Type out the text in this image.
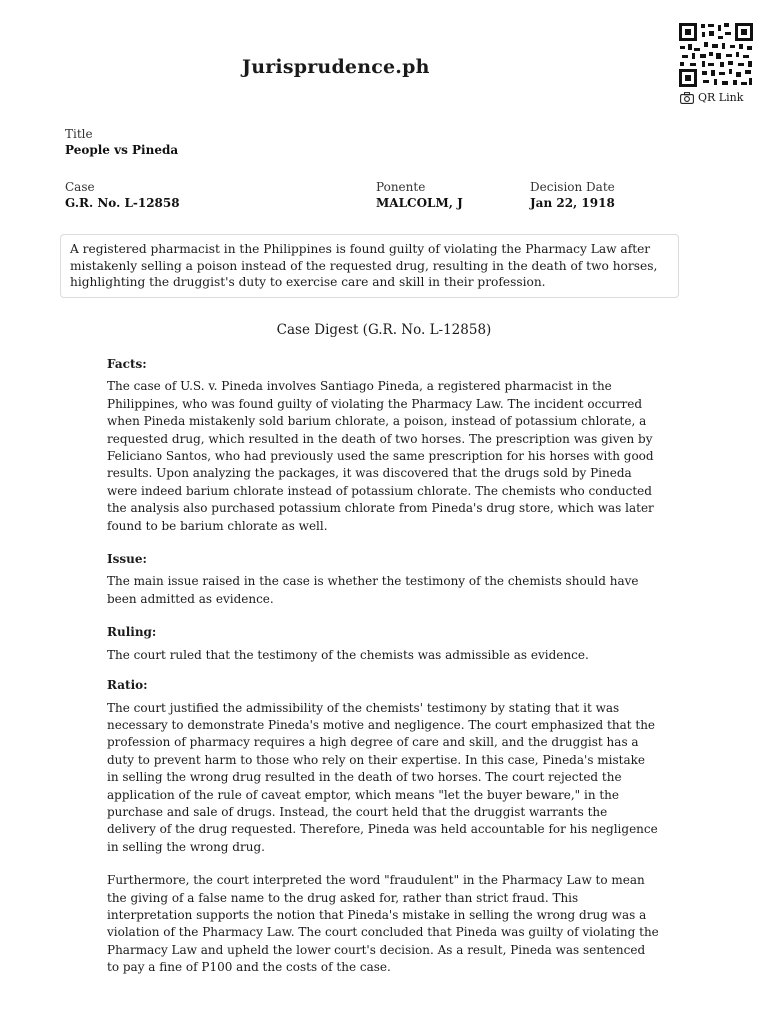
Jurisprudence.ph
QR Link
Title
People vs Pineda
Case
G.R. No. L-12858
Ponente
MALCOLM, J
Decision Date
Jan 22, 1918
A registered pharmacist in the Philippines is found guilty of violating the Pharmacy Law after mistakenly selling a poison instead of the requested drug, resulting in the death of two horses, highlighting the druggist's duty to exercise care and skill in their profession.
Case Digest (G.R. No. L-12858)
Facts:

The case of U.S. v. Pineda involves Santiago Pineda, a registered pharmacist in the Philippines, who was found guilty of violating the Pharmacy Law. The incident occurred when Pineda mistakenly sold barium chlorate, a poison, instead of potassium chlorate, a requested drug, which resulted in the death of two horses. The prescription was given by Feliciano Santos, who had previously used the same prescription for his horses with good results. Upon analyzing the packages, it was discovered that the drugs sold by Pineda were indeed barium chlorate instead of potassium chlorate. The chemists who conducted the analysis also purchased potassium chlorate from Pineda's drug store, which was later found to be barium chlorate as well.

Issue:

The main issue raised in the case is whether the testimony of the chemists should have been admitted as evidence.

Ruling:

The court ruled that the testimony of the chemists was admissible as evidence.

Ratio:

The court justified the admissibility of the chemists' testimony by stating that it was necessary to demonstrate Pineda's motive and negligence. The court emphasized that the profession of pharmacy requires a high degree of care and skill, and the druggist has a duty to prevent harm to those who rely on their expertise. In this case, Pineda's mistake in selling the wrong drug resulted in the death of two horses. The court rejected the application of the rule of caveat emptor, which means "let the buyer beware," in the purchase and sale of drugs. Instead, the court held that the druggist warrants the delivery of the drug requested. Therefore, Pineda was held accountable for his negligence in selling the wrong drug.

Furthermore, the court interpreted the word "fraudulent" in the Pharmacy Law to mean the giving of a false name to the drug asked for, rather than strict fraud. This interpretation supports the notion that Pineda's mistake in selling the wrong drug was a violation of the Pharmacy Law. The court concluded that Pineda was guilty of violating the Pharmacy Law and upheld the lower court's decision. As a result, Pineda was sentenced to pay a fine of P100 and the costs of the case.
